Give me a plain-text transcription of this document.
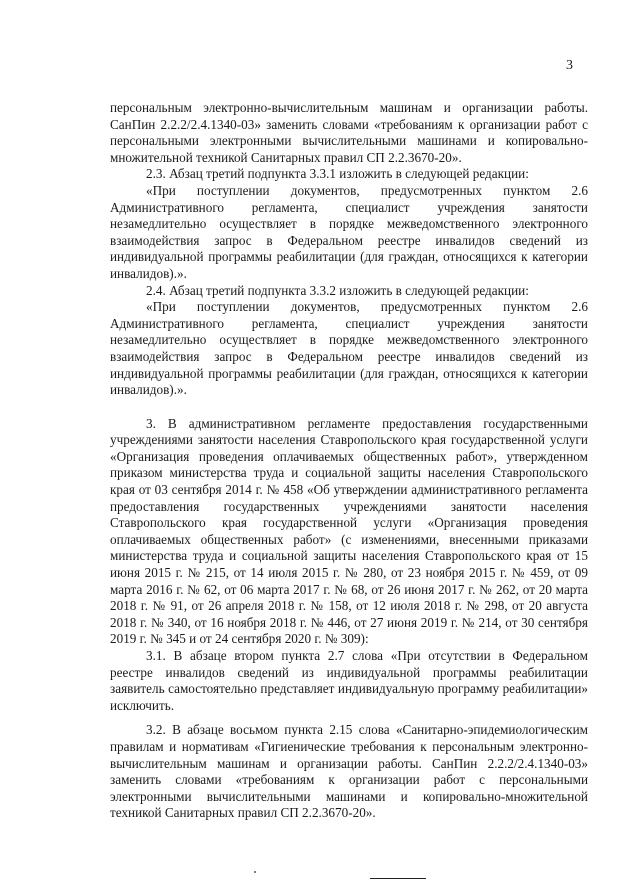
3

персональным электронно-вычислительным машинам и организации работы. СанПин 2.2.2/2.4.1340-03» заменить словами «требованиям к организации работ с персональными электронными вычислительными машинами и копировально-множительной техникой Санитарных правил СП 2.2.3670-20».

2.3. Абзац третий подпункта 3.3.1 изложить в следующей редакции:

«При поступлении документов, предусмотренных пунктом 2.6 Административного регламента, специалист учреждения занятости незамедлительно осуществляет в порядке межведомственного электронного взаимодействия запрос в Федеральном реестре инвалидов сведений из индивидуальной программы реабилитации (для граждан, относящихся к категории инвалидов).».

2.4. Абзац третий подпункта 3.3.2 изложить в следующей редакции:

«При поступлении документов, предусмотренных пунктом 2.6 Административного регламента, специалист учреждения занятости незамедлительно осуществляет в порядке межведомственного электронного взаимодействия запрос в Федеральном реестре инвалидов сведений из индивидуальной программы реабилитации (для граждан, относящихся к категории инвалидов).».

3. В административном регламенте предоставления государственными учреждениями занятости населения Ставропольского края государственной услуги «Организация проведения оплачиваемых общественных работ», утвержденном приказом министерства труда и социальной защиты населения Ставропольского края от 03 сентября 2014 г. № 458 «Об утверждении административного регламента предоставления государственных учреждениями занятости населения Ставропольского края государственной услуги «Организация проведения оплачиваемых общественных работ» (с изменениями, внесенными приказами министерства труда и социальной защиты населения Ставропольского края от 15 июня 2015 г. № 215, от 14 июля 2015 г. № 280, от 23 ноября 2015 г. № 459, от 09 марта 2016 г. № 62, от 06 марта 2017 г. № 68, от 26 июня 2017 г. № 262, от 20 марта 2018 г. № 91, от 26 апреля 2018 г. № 158, от 12 июля 2018 г. № 298, от 20 августа 2018 г. № 340, от 16 ноября 2018 г. № 446, от 27 июня 2019 г. № 214, от 30 сентября 2019 г. № 345 и от 24 сентября 2020 г. № 309):

3.1. В абзаце втором пункта 2.7 слова «При отсутствии в Федеральном реестре инвалидов сведений из индивидуальной программы реабилитации заявитель самостоятельно представляет индивидуальную программу реабилитации» исключить.

3.2. В абзаце восьмом пункта 2.15 слова «Санитарно-эпидемиологическим правилам и нормативам «Гигиенические требования к персональным электронно-вычислительным машинам и организации работы. СанПин 2.2.2/2.4.1340-03» заменить словами «требованиям к организации работ с персональными электронными вычислительными машинами и копировально-множительной техникой Санитарных правил СП 2.2.3670-20».
